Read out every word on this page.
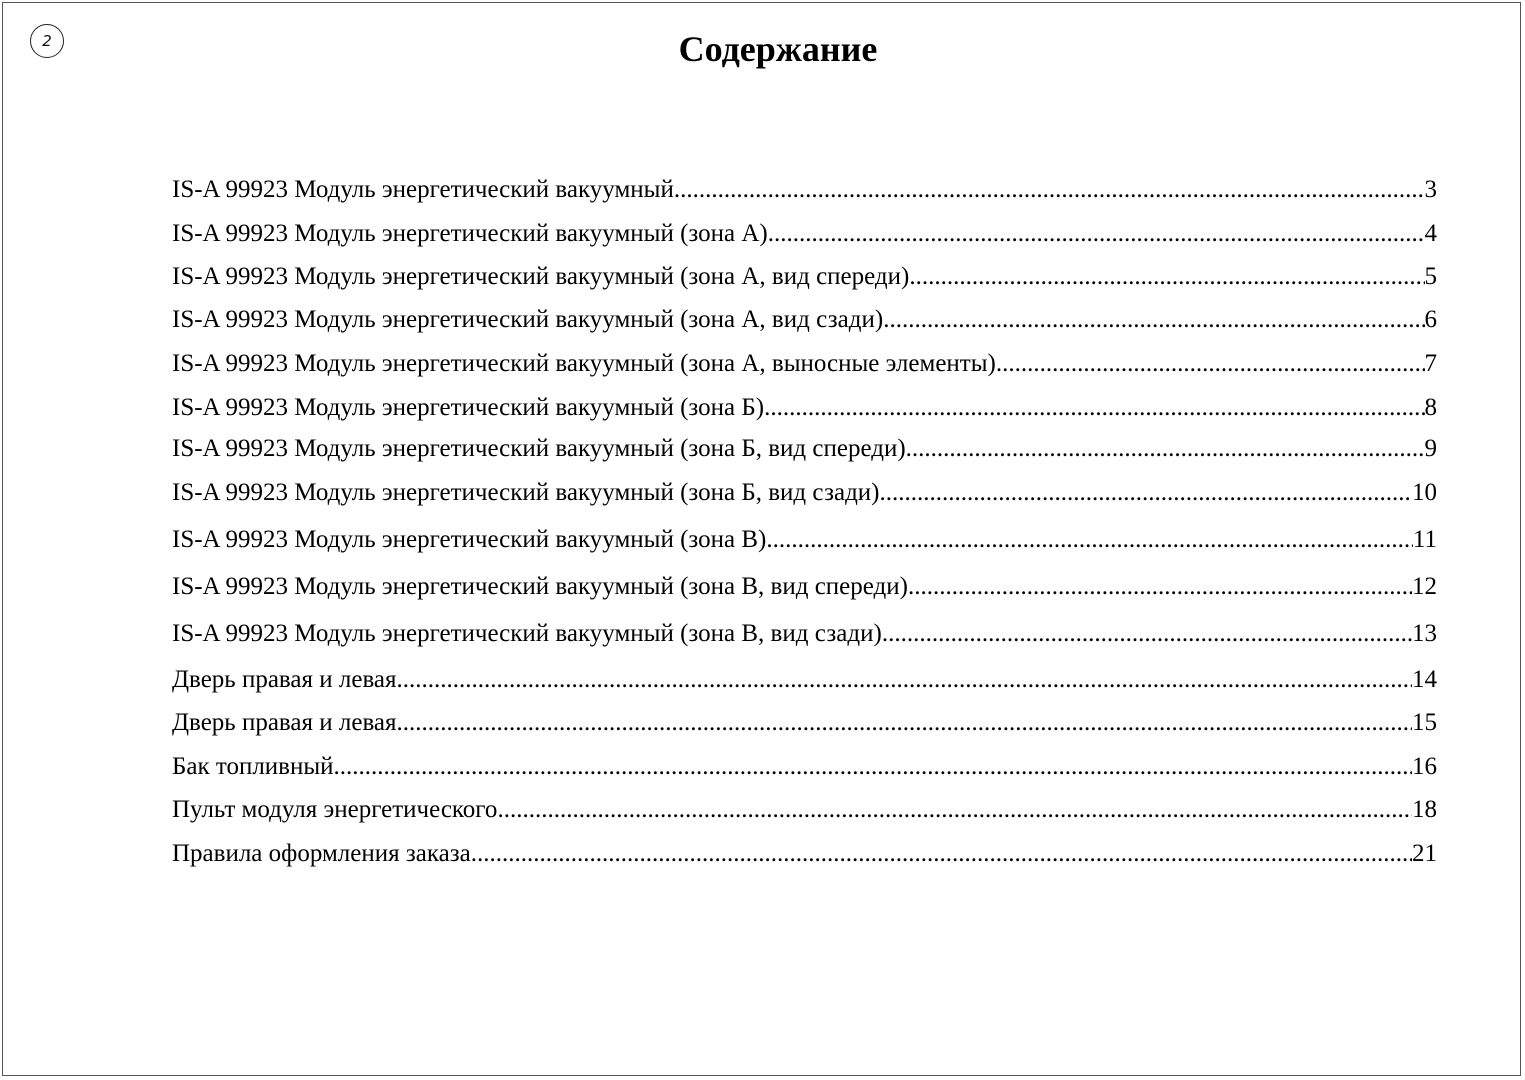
2	Содержание
IS-A 99923 Модуль энергетический вакуумный .....	3
IS-A 99923 Модуль энергетический вакуумный (зона А) .....	4
IS-A 99923 Модуль энергетический вакуумный (зона А, вид спереди) .....	5
IS-A 99923 Модуль энергетический вакуумный (зона А, вид сзади) .....	6
IS-A 99923 Модуль энергетический вакуумный (зона А, выносные элементы) .....	7
IS-A 99923 Модуль энергетический вакуумный (зона Б) .....	8
IS-A 99923 Модуль энергетический вакуумный (зона Б, вид спереди) .....	9
IS-A 99923 Модуль энергетический вакуумный (зона Б, вид сзади) .....	10
IS-A 99923 Модуль энергетический вакуумный (зона В) .....	11
IS-A 99923 Модуль энергетический вакуумный (зона В, вид спереди) .....	12
IS-A 99923 Модуль энергетический вакуумный (зона В, вид сзади) .....	13
Дверь правая и левая .....	14
Дверь правая и левая .....	15
Бак топливный .....	16
Пульт модуля энергетического .....	18
Правила оформления заказа .....	21
